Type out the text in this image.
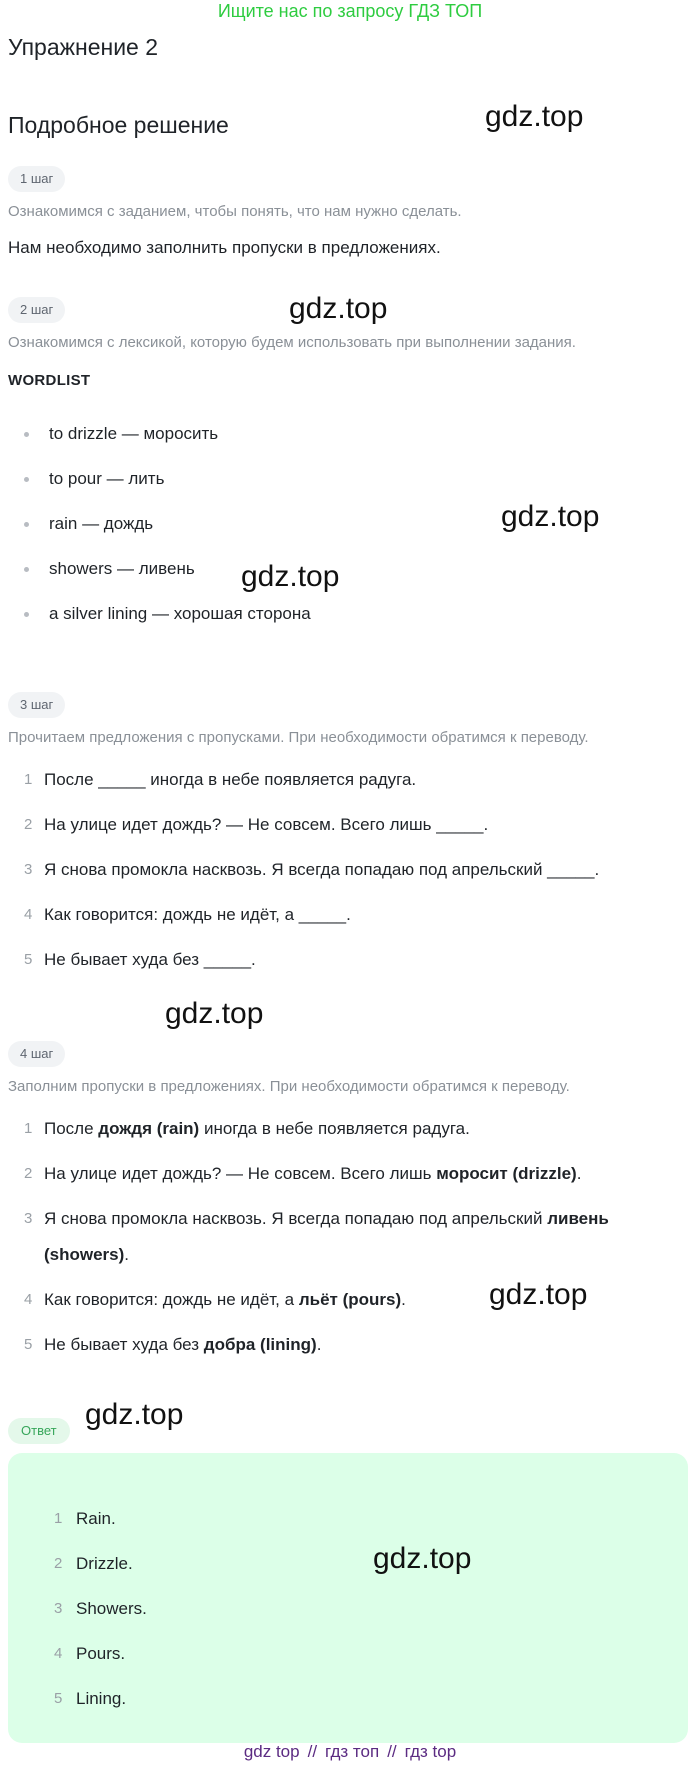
Ищите нас по запросу ГДЗ ТОП
Упражнение 2
Подробное решение
1 шаг
Ознакомимся с заданием, чтобы понять, что нам нужно сделать.
Нам необходимо заполнить пропуски в предложениях.
2 шаг
Ознакомимся с лексикой, которую будем использовать при выполнении задания.
WORDLIST
to drizzle — моросить
to pour — лить
rain — дождь
showers — ливень
a silver lining — хорошая сторона
3 шаг
Прочитаем предложения с пропусками. При необходимости обратимся к переводу.
1 После _____ иногда в небе появляется радуга.
2 На улице идет дождь? — Не совсем. Всего лишь _____.
3 Я снова промокла насквозь. Я всегда попадаю под апрельский _____.
4 Как говорится: дождь не идёт, а _____.
5 Не бывает худа без _____.
4 шаг
Заполним пропуски в предложениях. При необходимости обратимся к переводу.
1 После дождя (rain) иногда в небе появляется радуга.
2 На улице идет дождь? — Не совсем. Всего лишь моросит (drizzle).
3 Я снова промокла насквозь. Я всегда попадаю под апрельский ливень (showers).
4 Как говорится: дождь не идёт, а льёт (pours).
5 Не бывает худа без добра (lining).
Ответ
1 Rain.
2 Drizzle.
3 Showers.
4 Pours.
5 Lining.
gdz.top
gdz.top
gdz.top
gdz.top
gdz.top
gdz.top
gdz.top
gdz.top
gdz top // гдз топ // гдз top
